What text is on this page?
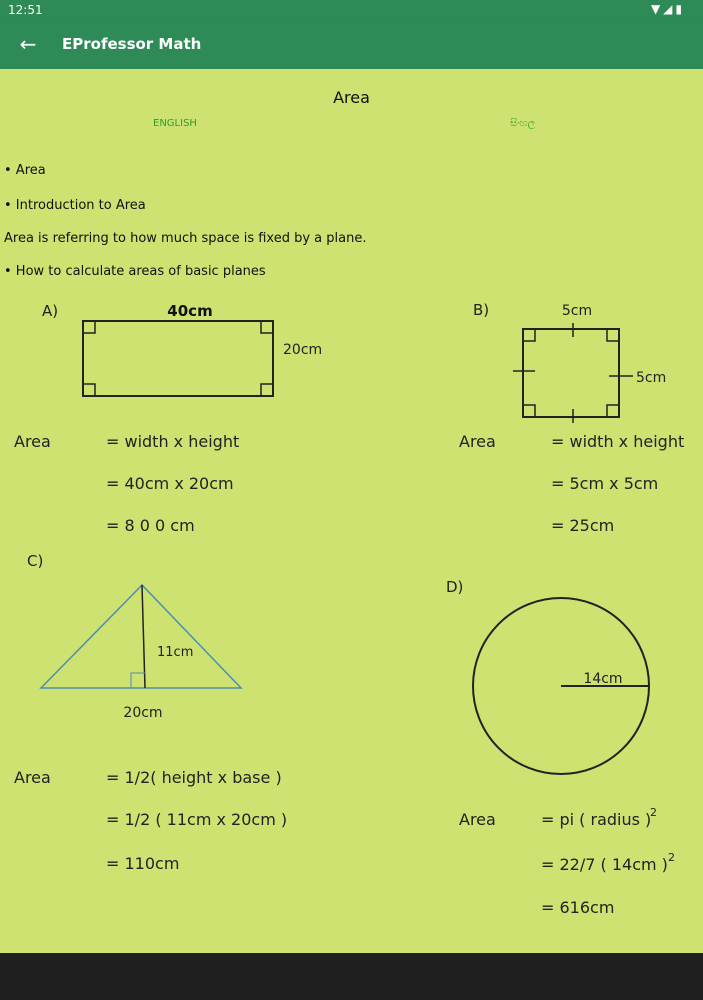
12:51	▼◢▮
← EProfessor Math
Area
ENGLISH	සිංහල
• Area
• Introduction to Area
Area is referring to how much space is fixed by a plane.
• How to calculate areas of basic planes
A)	40cm
20cm
Area	= width x height
= 40cm x 20cm
= 8 0 0 cm
B)	5cm
5cm
Area	= width x height
= 5cm x 5cm
= 25cm
C)
11cm
20cm
Area	= 1/2( height x base )
= 1/2 ( 11cm x 20cm )
= 110cm
D)
14cm
Area	= pi ( radius )
2
= 22/7 ( 14cm ) 2
= 616cm
